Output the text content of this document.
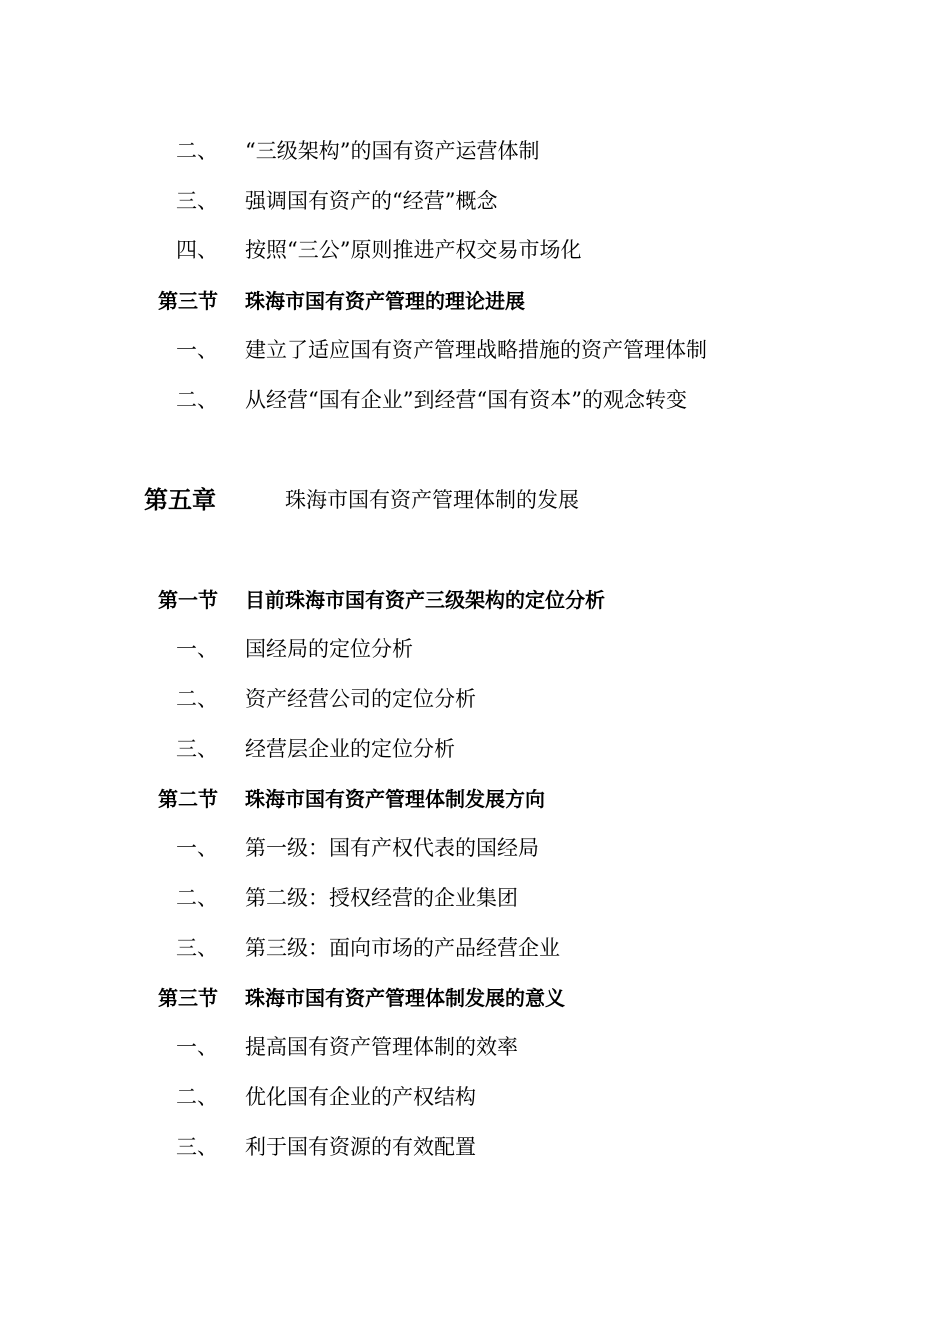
二、 “三级架构”的国有资产运营体制
三、 强调国有资产的“经营”概念
四、 按照“三公”原则推进产权交易市场化
第三节 珠海市国有资产管理的理论进展
一、 建立了适应国有资产管理战略措施的资产管理体制
二、 从经营“国有企业”到经营“国有资本”的观念转变
第五章	珠海市国有资产管理体制的发展
第一节 目前珠海市国有资产三级架构的定位分析
一、 国经局的定位分析
二、 资产经营公司的定位分析
三、 经营层企业的定位分析
第二节 珠海市国有资产管理体制发展方向
一、 第一级：国有产权代表的国经局
二、 第二级：授权经营的企业集团
三、 第三级：面向市场的产品经营企业
第三节 珠海市国有资产管理体制发展的意义
一、 提高国有资产管理体制的效率
二、 优化国有企业的产权结构
三、 利于国有资源的有效配置
